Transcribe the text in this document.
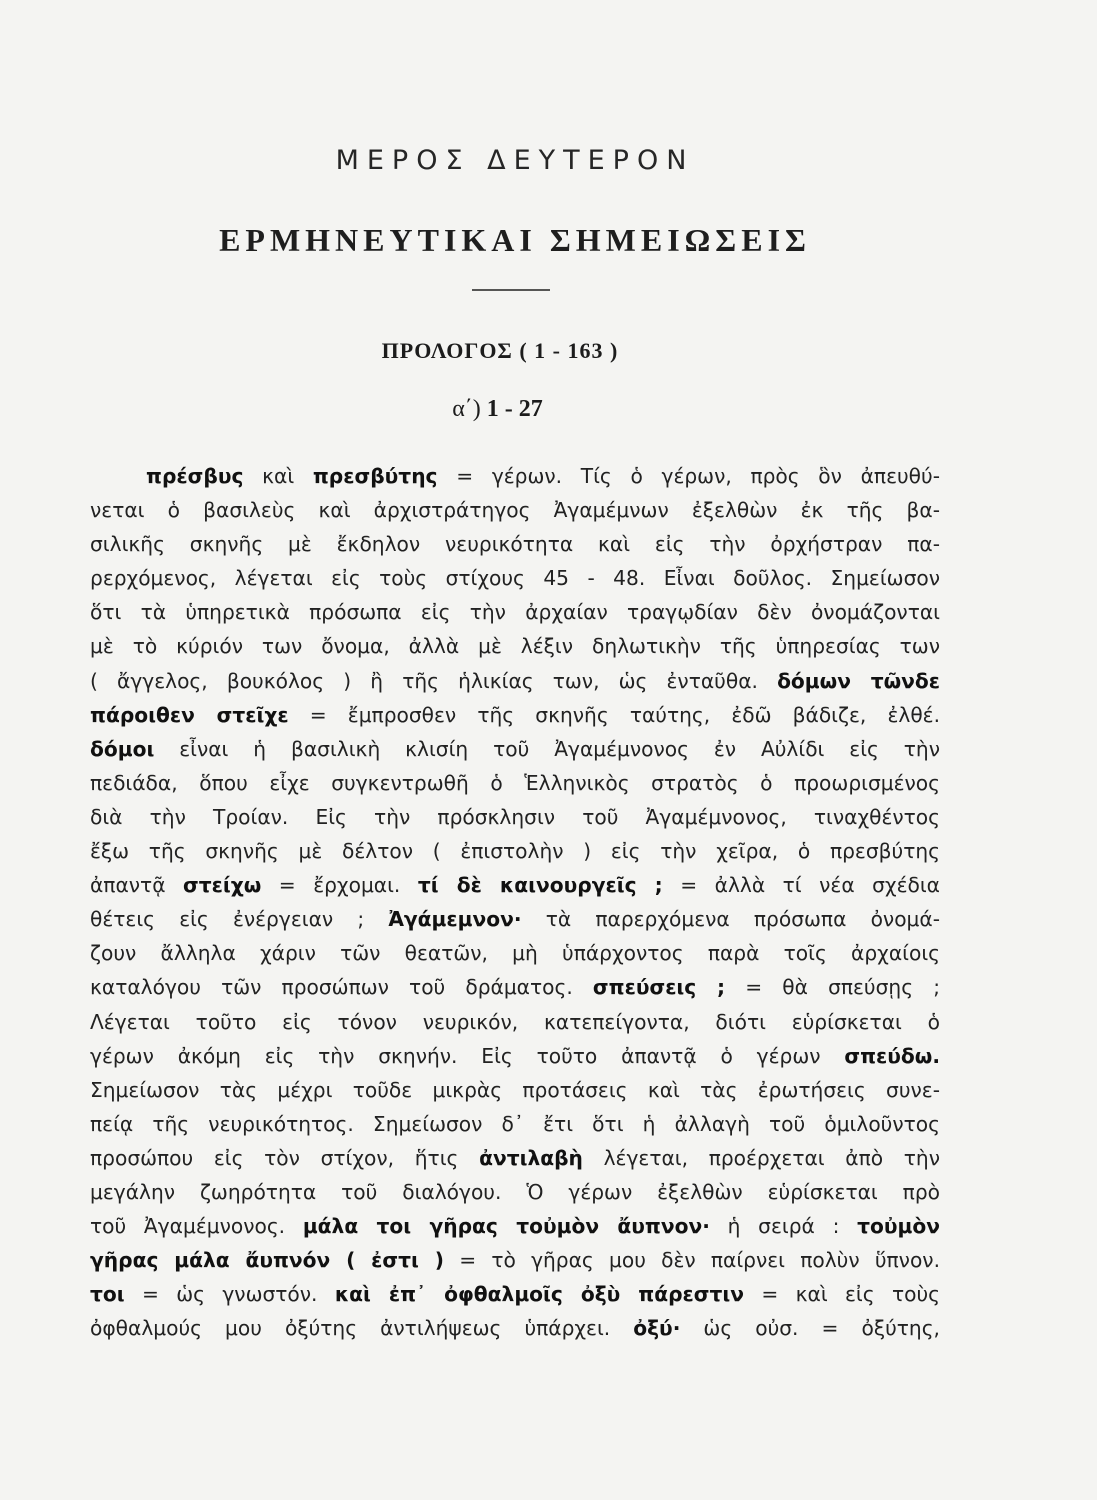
ΜΕΡΟΣ ΔΕΥΤΕΡΟΝ
ΕΡΜΗΝΕΥΤΙΚΑΙ ΣΗΜΕΙΩΣΕΙΣ
ΠΡΟΛΟΓΟΣ ( 1 - 163 )
α΄) 1 - 27
πρέσβυς καὶ πρεσβύτης = γέρων. Τίς ὁ γέρων, πρὸς ὃν ἀπευθύ-
νεται ὁ βασιλεὺς καὶ ἀρχιστράτηγος Ἀγαμέμνων ἐξελθὼν ἐκ τῆς βα-
σιλικῆς σκηνῆς μὲ ἔκδηλον νευρικότητα καὶ εἰς τὴν ὀρχήστραν πα-
ρερχόμενος, λέγεται εἰς τοὺς στίχους 45 - 48. Εἶναι δοῦλος. Σημείωσον
ὅτι τὰ ὑπηρετικὰ πρόσωπα εἰς τὴν ἀρχαίαν τραγῳδίαν δὲν ὀνομάζονται
μὲ τὸ κύριόν των ὄνομα, ἀλλὰ μὲ λέξιν δηλωτικὴν τῆς ὑπηρεσίας των
( ἄγγελος, βουκόλος ) ἢ τῆς ἡλικίας των, ὡς ἐνταῦθα. δόμων τῶνδε
πάροιθεν στεῖχε = ἔμπροσθεν τῆς σκηνῆς ταύτης, ἐδῶ βάδιζε, ἐλθέ.
δόμοι εἶναι ἡ βασιλικὴ κλισίη τοῦ Ἀγαμέμνονος ἐν Αὐλίδι εἰς τὴν
πεδιάδα, ὅπου εἶχε συγκεντρωθῆ ὁ Ἑλληνικὸς στρατὸς ὁ προωρισμένος
διὰ τὴν Τροίαν. Εἰς τὴν πρόσκλησιν τοῦ Ἀγαμέμνονος, τιναχθέντος
ἔξω τῆς σκηνῆς μὲ δέλτον ( ἐπιστολὴν ) εἰς τὴν χεῖρα, ὁ πρεσβύτης
ἀπαντᾷ στείχω = ἔρχομαι. τί δὲ καινουργεῖς ; = ἀλλὰ τί νέα σχέδια
θέτεις εἰς ἐνέργειαν ; Ἀγάμεμνον· τὰ παρερχόμενα πρόσωπα ὀνομά-
ζουν ἄλληλα χάριν τῶν θεατῶν, μὴ ὑπάρχοντος παρὰ τοῖς ἀρχαίοις
καταλόγου τῶν προσώπων τοῦ δράματος. σπεύσεις ; = θὰ σπεύσῃς ;
Λέγεται τοῦτο εἰς τόνον νευρικόν, κατεπείγοντα, διότι εὑρίσκεται ὁ
γέρων ἀκόμη εἰς τὴν σκηνήν. Εἰς τοῦτο ἀπαντᾷ ὁ γέρων σπεύδω.
Σημείωσον τὰς μέχρι τοῦδε μικρὰς προτάσεις καὶ τὰς ἐρωτήσεις συνε-
πείᾳ τῆς νευρικότητος. Σημείωσον δ᾽ ἔτι ὅτι ἡ ἀλλαγὴ τοῦ ὁμιλοῦντος
προσώπου εἰς τὸν στίχον, ἥτις ἀντιλαβὴ λέγεται, προέρχεται ἀπὸ τὴν
μεγάλην ζωηρότητα τοῦ διαλόγου. Ὁ γέρων ἐξελθὼν εὑρίσκεται πρὸ
τοῦ Ἀγαμέμνονος. μάλα τοι γῆρας τοὐμὸν ἄυπνον· ἡ σειρά : τοὐμὸν
γῆρας μάλα ἄυπνόν ( ἐστι ) = τὸ γῆρας μου δὲν παίρνει πολὺν ὕπνον.
τοι = ὡς γνωστόν. καὶ ἐπ᾽ ὀφθαλμοῖς ὀξὺ πάρεστιν = καὶ εἰς τοὺς
ὀφθαλμούς μου ὀξύτης ἀντιλήψεως ὑπάρχει. ὀξύ· ὡς οὐσ. = ὀξύτης,
